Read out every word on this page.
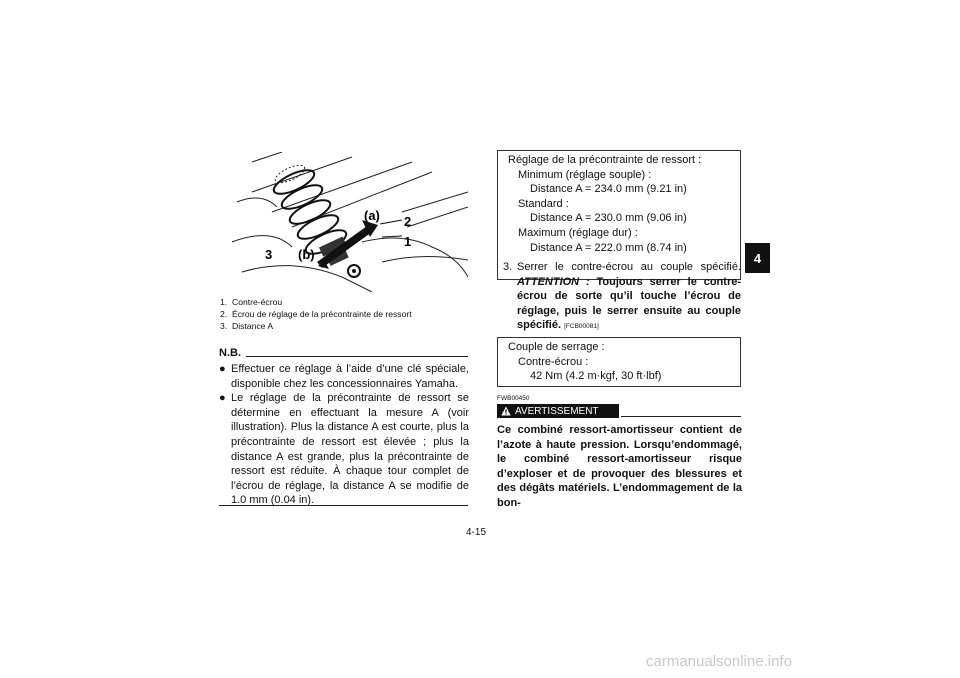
(a) 2
1
3 (b)
1. Contre-écrou
2. Écrou de réglage de la précontrainte de ressort
3. Distance A
N.B.
● Effectuer ce réglage à l’aide d’une clé spéciale, disponible chez les concessionnaires Yamaha.
● Le réglage de la précontrainte de ressort se détermine en effectuant la mesure A (voir illustration). Plus la distance A est courte, plus la précontrainte de ressort est élevée ; plus la distance A est grande, plus la précontrainte de ressort est réduite. À chaque tour complet de l’écrou de réglage, la distance A se modifie de 1.0 mm (0.04 in).
Réglage de la précontrainte de ressort :
Minimum (réglage souple) :
Distance A = 234.0 mm (9.21 in)
Standard :
Distance A = 230.0 mm (9.06 in)
Maximum (réglage dur) :
Distance A = 222.0 mm (8.74 in)
3. Serrer le contre-écrou au couple spécifié. ATTENTION : Toujours serrer le contre-écrou de sorte qu’il touche l’écrou de réglage, puis le serrer ensuite au couple spécifié. [FCB00081]
Couple de serrage :
Contre-écrou :
42 Nm (4.2 m·kgf, 30 ft·lbf)
FWB00450
AVERTISSEMENT
Ce combiné ressort-amortisseur contient de l’azote à haute pression. Lorsqu’endommagé, le combiné ressort-amortisseur risque d’exploser et de provoquer des blessures et des dégâts matériels. L’endommagement de la bon-
4
4-15
carmanualsonline.info
